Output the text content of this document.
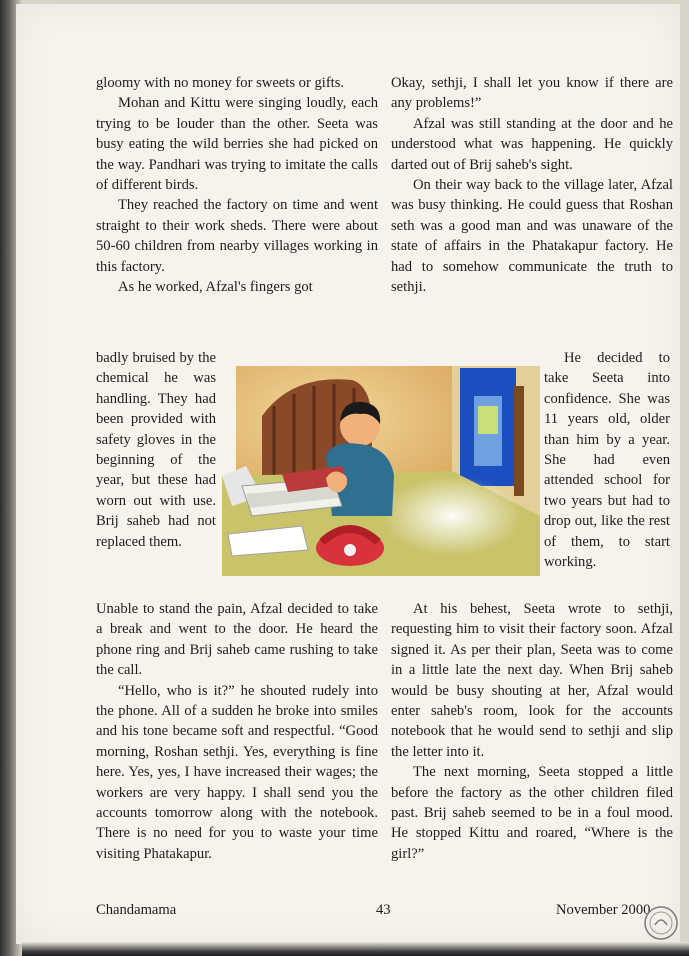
gloomy with no money for sweets or gifts.

Mohan and Kittu were singing loudly, each trying to be louder than the other. Seeta was busy eating the wild berries she had picked on the way. Pandhari was trying to imitate the calls of different birds.

They reached the factory on time and went straight to their work sheds. There were about 50-60 children from nearby villages working in this factory.

As he worked, Afzal's fingers got

badly bruised by the chemical he was handling. They had been provided with safety gloves in the beginning of the year, but these had worn out with use. Brij saheb had not replaced them.

Unable to stand the pain, Afzal decided to take a break and went to the door. He heard the phone ring and Brij saheb came rushing to take the call.

“Hello, who is it?” he shouted rudely into the phone. All of a sudden he broke into smiles and his tone became soft and respectful. “Good morning, Roshan sethji. Yes, everything is fine here. Yes, yes, I have increased their wages; the workers are very happy. I shall send you the accounts tomorrow along with the notebook. There is no need for you to waste your time visiting Phatakapur.

Okay, sethji, I shall let you know if there are any problems!”

Afzal was still standing at the door and he understood what was happening. He quickly darted out of Brij saheb's sight.

On their way back to the village later, Afzal was busy thinking. He could guess that Roshan seth was a good man and was unaware of the state of affairs in the Phatakapur factory. He had to somehow communicate the truth to sethji.

He decided to take Seeta into confidence. She was 11 years old, older than him by a year. She had even attended school for two years but had to drop out, like the rest of them, to start working.

At his behest, Seeta wrote to sethji, requesting him to visit their factory soon. Afzal signed it. As per their plan, Seeta was to come in a little late the next day. When Brij saheb would be busy shouting at her, Afzal would enter saheb's room, look for the accounts notebook that he would send to sethji and slip the letter into it.

The next morning, Seeta stopped a little before the factory as the other children filed past. Brij saheb seemed to be in a foul mood. He stopped Kittu and roared, “Where is the girl?”

Chandamama	43	November 2000
